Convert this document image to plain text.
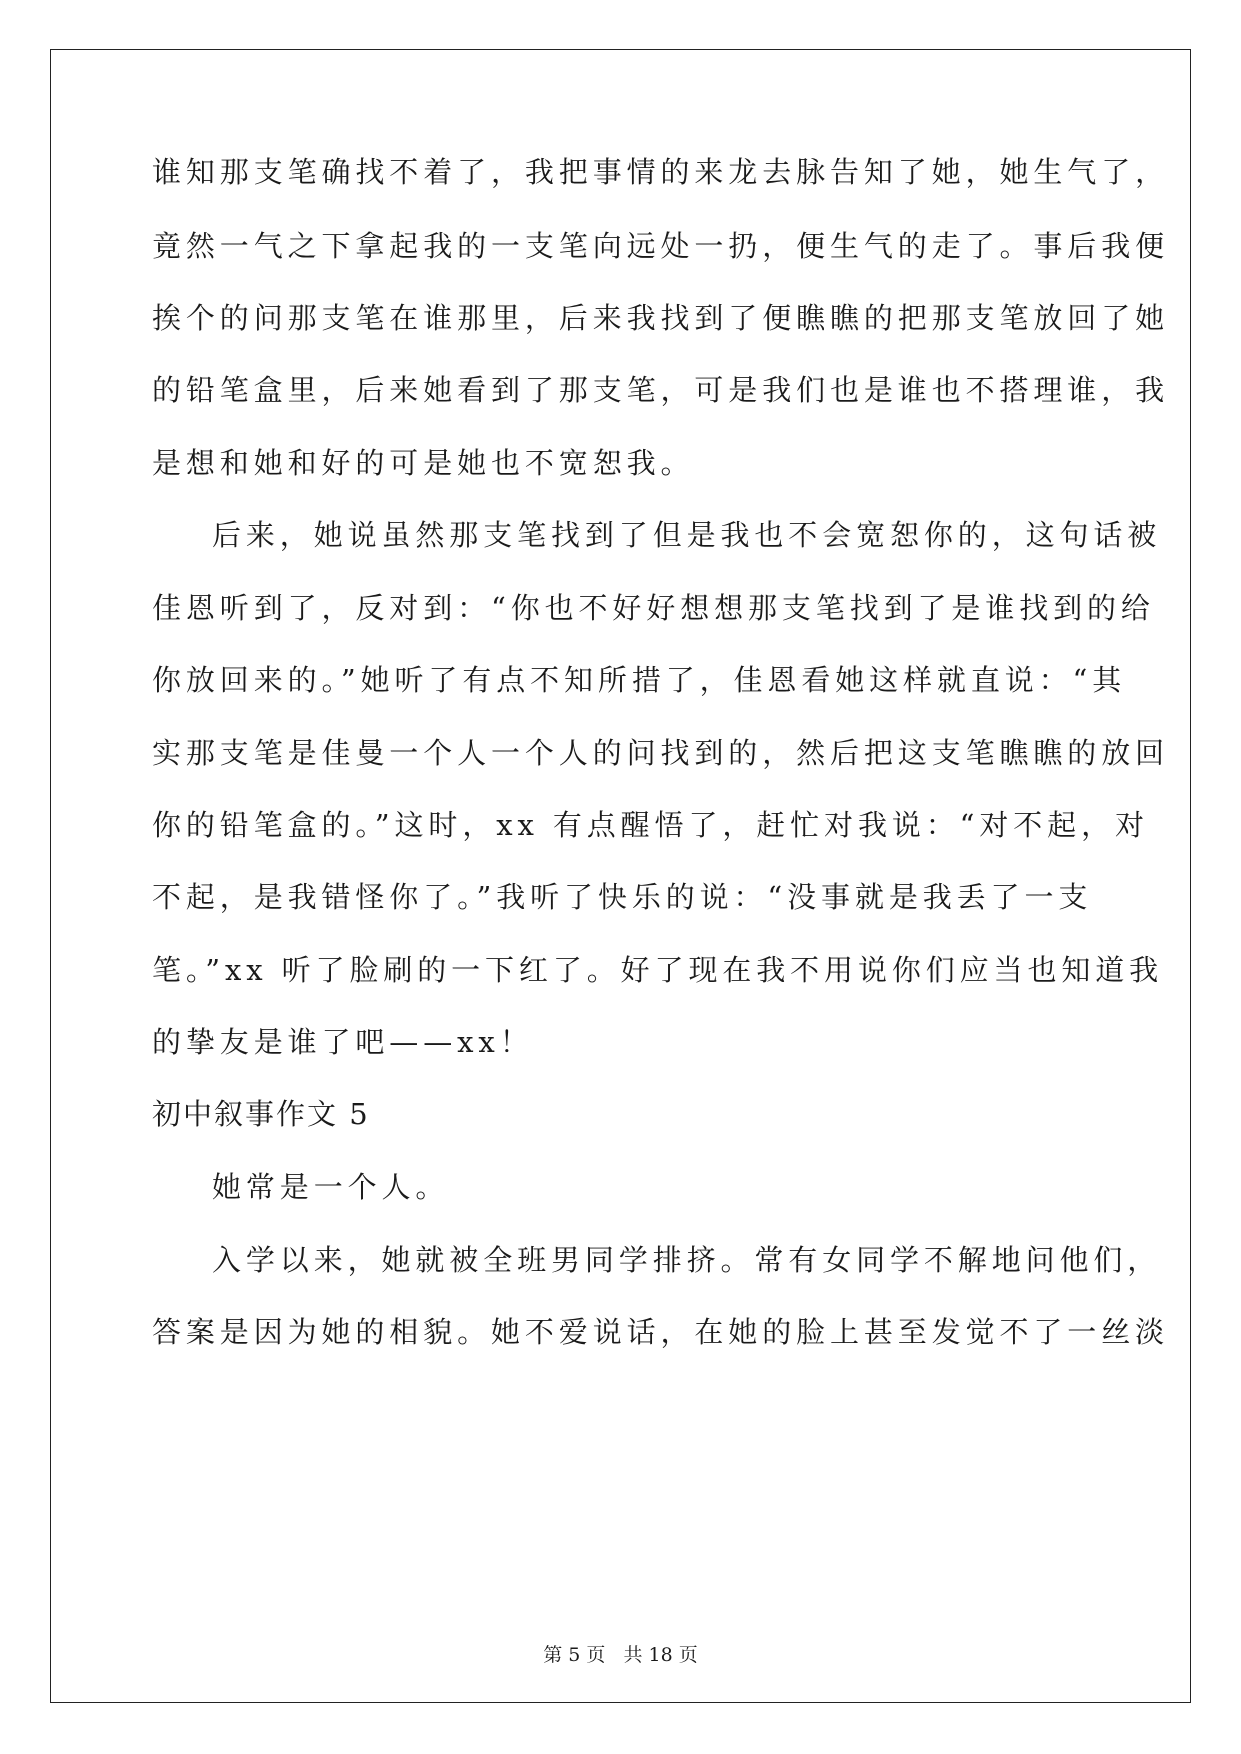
谁知那支笔确找不着了，我把事情的来龙去脉告知了她，她生气了，
竟然一气之下拿起我的一支笔向远处一扔，便生气的走了。事后我便
挨个的问那支笔在谁那里，后来我找到了便瞧瞧的把那支笔放回了她
的铅笔盒里，后来她看到了那支笔，可是我们也是谁也不搭理谁，我
是想和她和好的可是她也不宽恕我。
后来，她说虽然那支笔找到了但是我也不会宽恕你的，这句话被
佳恩听到了，反对到：“你也不好好想想那支笔找到了是谁找到的给
你放回来的。”她听了有点不知所措了，佳恩看她这样就直说：“其
实那支笔是佳曼一个人一个人的问找到的，然后把这支笔瞧瞧的放回
你的铅笔盒的。”这时，xx 有点醒悟了，赶忙对我说：“对不起，对
不起，是我错怪你了。”我听了快乐的说：“没事就是我丢了一支
笔。”xx 听了脸刷的一下红了。好了现在我不用说你们应当也知道我
的挚友是谁了吧——xx！
初中叙事作文 5
她常是一个人。
入学以来，她就被全班男同学排挤。常有女同学不解地问他们，
答案是因为她的相貌。她不爱说话，在她的脸上甚至发觉不了一丝淡
第 5 页 共 18 页
